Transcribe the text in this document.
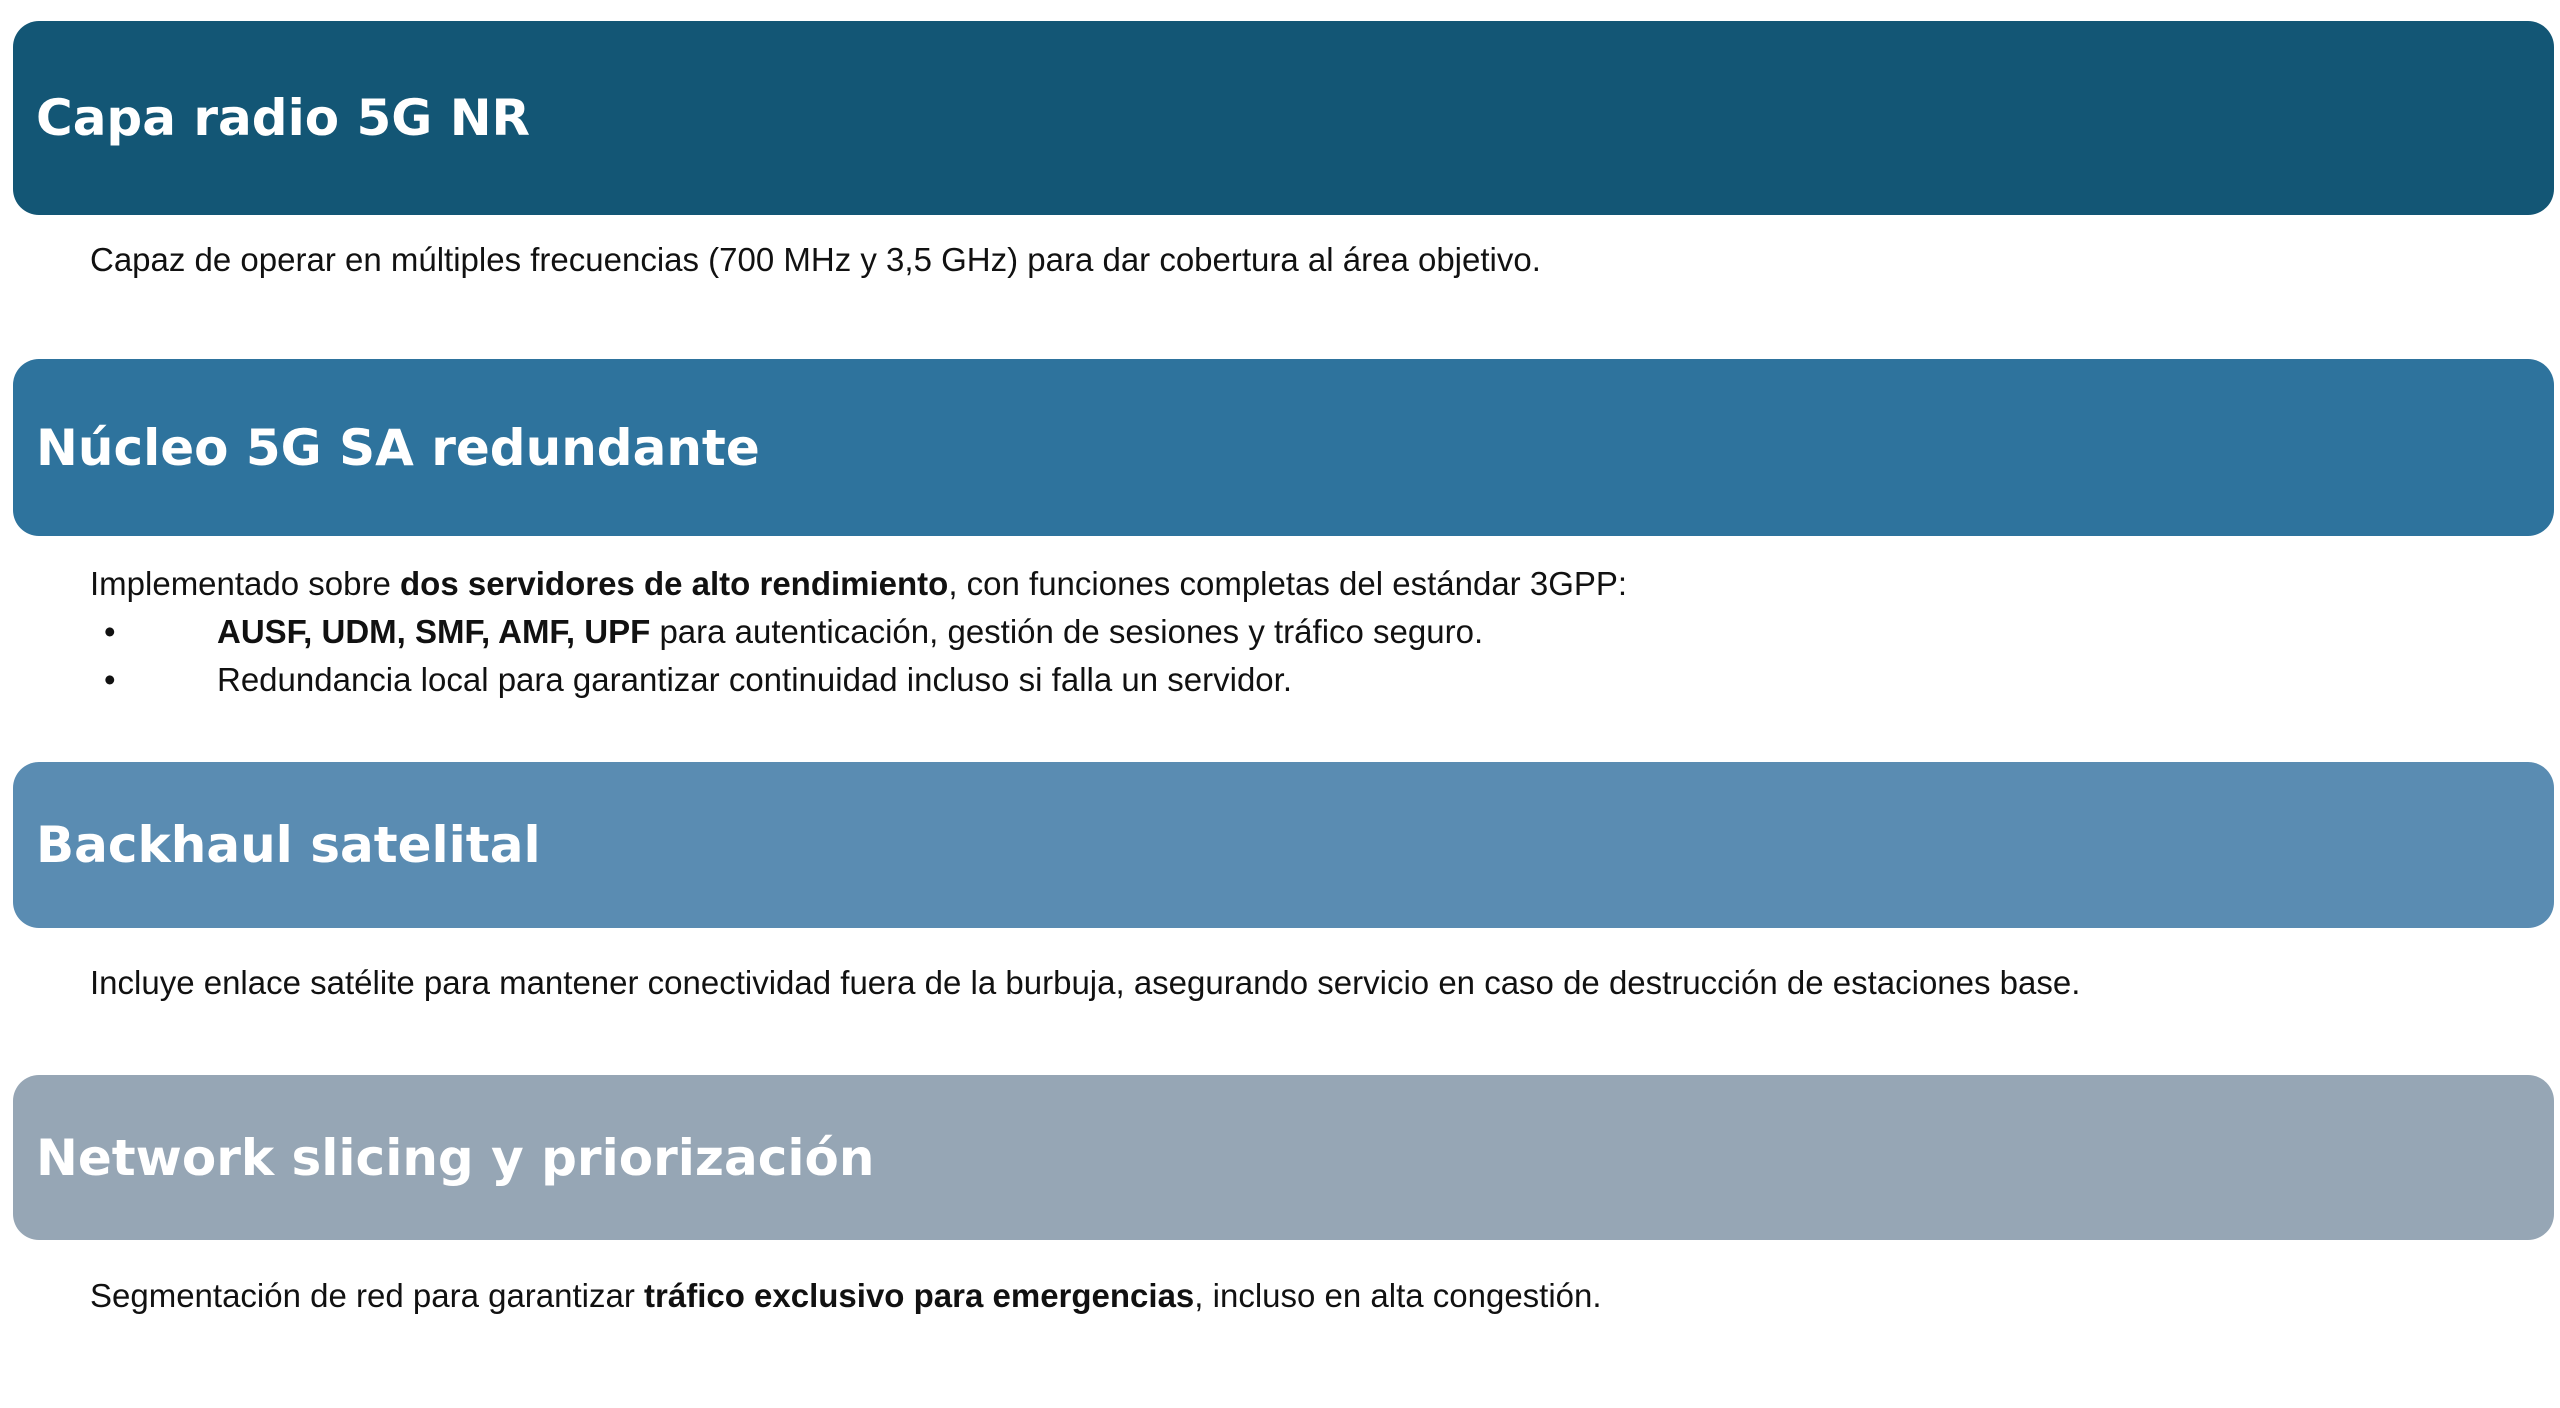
Capa radio 5G NR
Capaz de operar en múltiples frecuencias (700 MHz y 3,5 GHz) para dar cobertura al área objetivo.
Núcleo 5G SA redundante
Implementado sobre dos servidores de alto rendimiento, con funciones completas del estándar 3GPP:
•	AUSF, UDM, SMF, AMF, UPF para autenticación, gestión de sesiones y tráfico seguro.
•	Redundancia local para garantizar continuidad incluso si falla un servidor.
Backhaul satelital
Incluye enlace satélite para mantener conectividad fuera de la burbuja, asegurando servicio en caso de destrucción de estaciones base.
Network slicing y priorización
Segmentación de red para garantizar tráfico exclusivo para emergencias, incluso en alta congestión.
